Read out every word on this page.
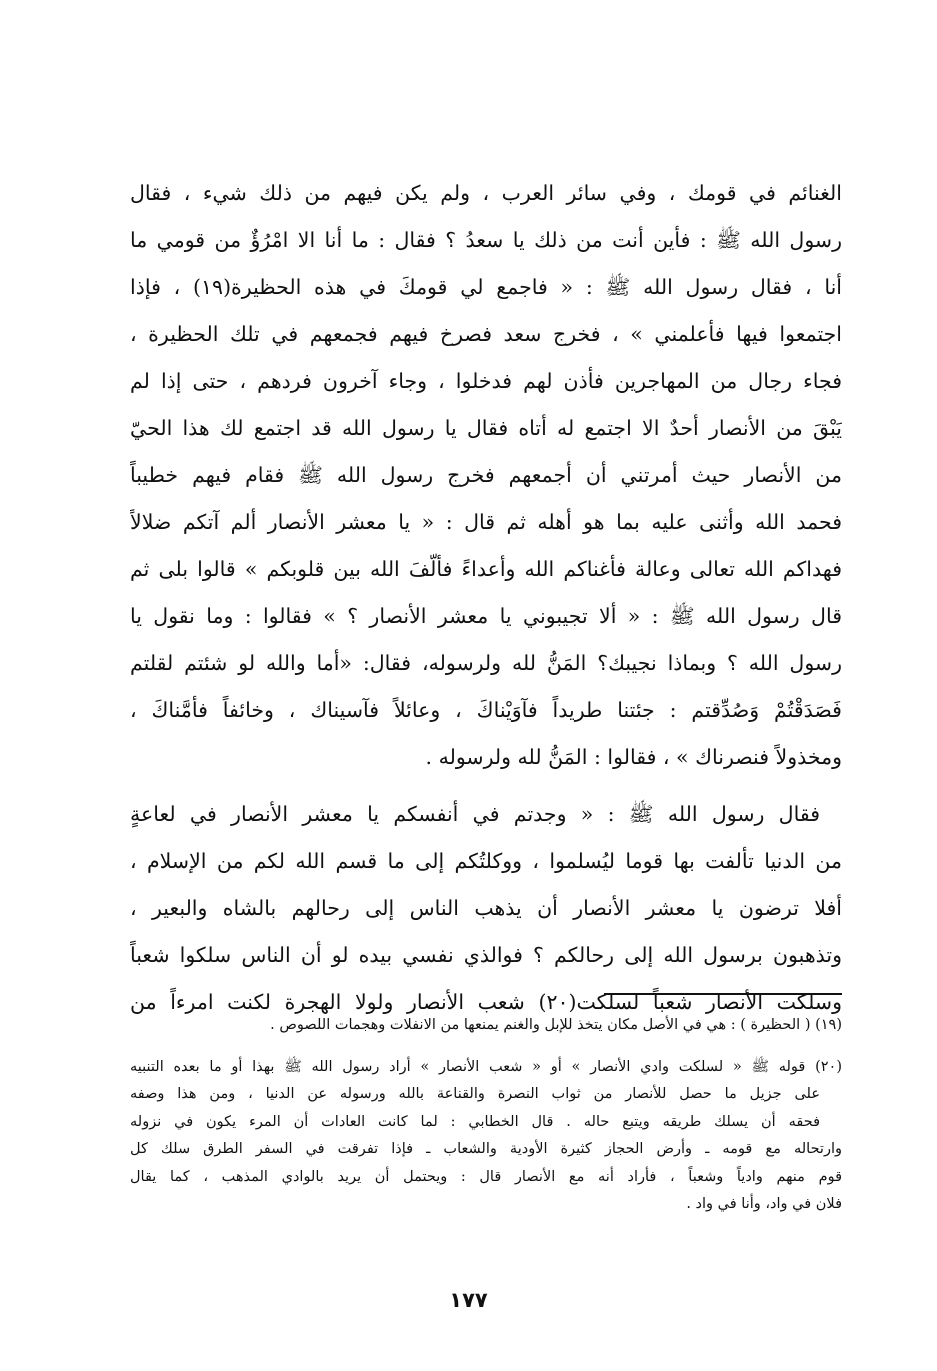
الغنائم في قومك ، وفي سائر العرب ، ولم يكن فيهم من ذلك شيء ، فقال
رسول الله ﷺ : فأين أنت من ذلك يا سعدُ ؟ فقال : ما أنا الا امْرُؤٌ من قومي ما
أنا ، فقال رسول الله ﷺ : « فاجمع لي قومكَ في هذه الحظيرة(١٩) ، فإذا
اجتمعوا فيها فأعلمني » ، فخرج سعد فصرخ فيهم فجمعهم في تلك الحظيرة ،
فجاء رجال من المهاجرين فأذن لهم فدخلوا ، وجاء آخرون فردهم ، حتى إذا لم
يَبْقَ من الأنصار أحدٌ الا اجتمع له أتاه فقال يا رسول الله قد اجتمع لك هذا الحيّ
من الأنصار حيث أمرتني أن أجمعهم فخرج رسول الله ﷺ فقام فيهم خطيباً
فحمد الله وأثنى عليه بما هو أهله ثم قال : « يا معشر الأنصار ألم آتكم ضلالاً
فهداكم الله تعالى وعالة فأغناكم الله وأعداءً فألّفَ الله بين قلوبكم » قالوا بلى ثم
قال رسول الله ﷺ : « ألا تجيبوني يا معشر الأنصار ؟ » فقالوا : وما نقول يا
رسول الله ؟ وبماذا نجيبك؟ المَنُّ لله ولرسوله، فقال: «أما والله لو شئتم لقلتم
فَصَدَقْتُمْ وَصُدِّقتم : جئتنا طريداً فآوَيْناكَ ، وعائلاً فآسيناك ، وخائفاً فأمَّناكَ ،
ومخذولاً فنصرناك » ، فقالوا : المَنُّ لله ولرسوله .
فقال رسول الله ﷺ : « وجدتم في أنفسكم يا معشر الأنصار في لعاعةٍ
من الدنيا تألفت بها قوما ليُسلموا ، ووكلتُكم إلى ما قسم الله لكم من الإسلام ،
أفلا ترضون يا معشر الأنصار أن يذهب الناس إلى رحالهم بالشاه والبعير ،
وتذهبون برسول الله إلى رحالكم ؟ فوالذي نفسي بيده لو أن الناس سلكوا شعباً
وسلكت الأنصار شعباً لسلكت(٢٠) شعب الأنصار ولولا الهجرة لكنت امرءاً من
(١٩) ( الحظيرة ) : هي في الأصل مكان يتخذ للإبل والغنم يمنعها من الانفلات وهجمات اللصوص .
(٢٠) قوله ﷺ « لسلكت وادي الأنصار » أو « شعب الأنصار » أراد رسول الله ﷺ بهذا أو ما بعده التنبيه
على جزيل ما حصل للأنصار من ثواب النصرة والقناعة بالله ورسوله عن الدنيا ، ومن هذا وصفه
فحقه أن يسلك طريقه ويتبع حاله . قال الخطابي : لما كانت العادات أن المرء يكون في نزوله
وارتحاله مع قومه ـ وأرض الحجاز كثيرة الأودية والشعاب ـ فإذا تفرقت في السفر الطرق سلك كل
قوم منهم وادياً وشعباً ، فأراد أنه مع الأنصار قال : ويحتمل أن يريد بالوادي المذهب ، كما يقال
فلان في واد، وأنا في واد .
١٧٧
